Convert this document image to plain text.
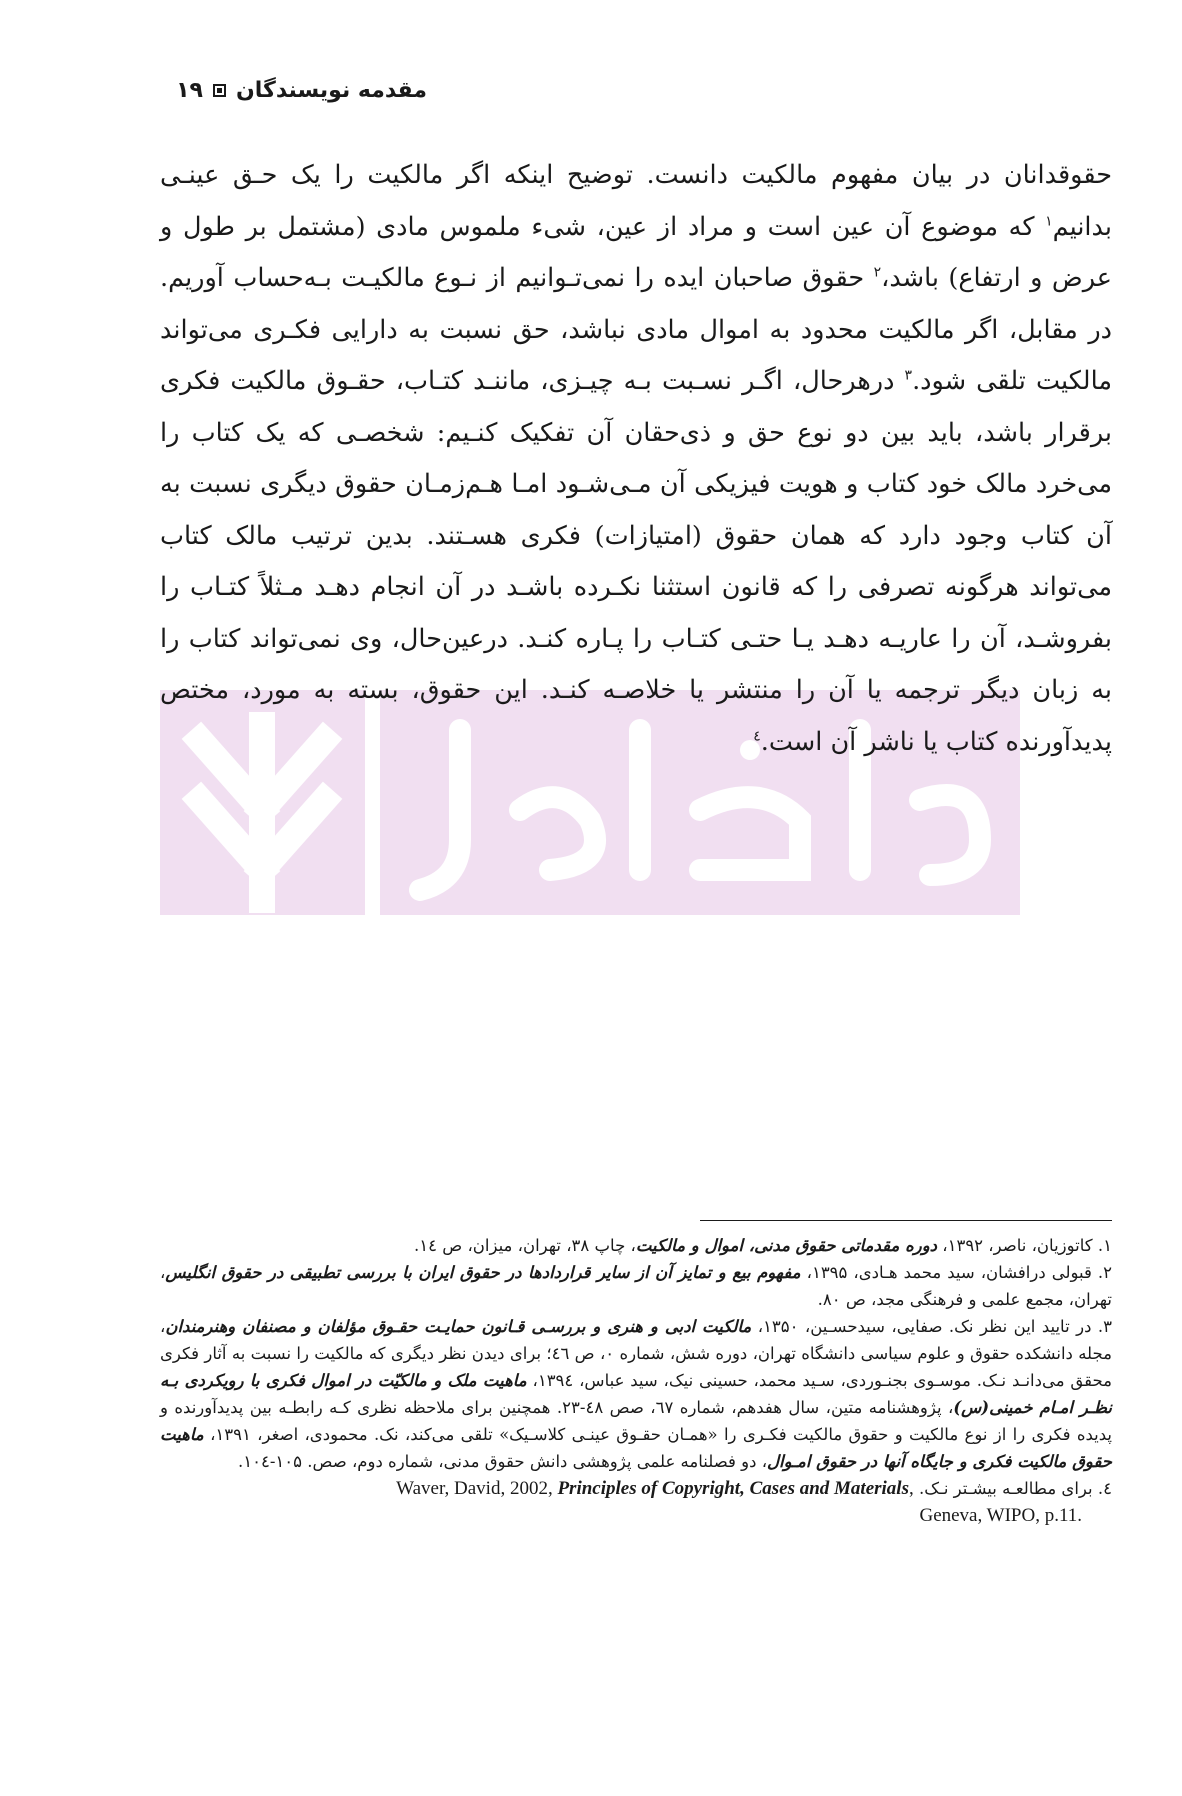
مقدمه نویسندگان
۱۹

حقوقدانان در بیان مفهوم مالکیت دانست. توضیح اینکه اگر مالکیت را یک حـق عینـی بدانیم$^۱$ که موضوع آن عین است و مراد از عین، شیء ملموس مادی (مشتمل بر طول و عرض و ارتفاع) باشد،$^۲$ حقوق صاحبان ایده را نمی‌تـوانیم از نـوع مالکیـت بـه‌حساب آوریم. در مقابل، اگر مالکیت محدود به اموال مادی نباشد، حق نسبت به دارایی فکـری می‌تواند مالکیت تلقی شود.$^۳$ درهرحال، اگـر نسـبت بـه چیـزی، ماننـد کتـاب، حقـوق مالکیت فکری برقرار باشد، باید بین دو نوع حق و ذی‌حقان آن تفکیک کنـیم: شخصـی که یک کتاب را می‌خرد مالک خود کتاب و هویت فیزیکی آن مـی‌شـود امـا هـم‌زمـان حقوق دیگری نسبت به آن کتاب وجود دارد که همان حقوق (امتیازات) فکری هسـتند. بدین ترتیب مالک کتاب می‌تواند هرگونه تصرفی را که قانون استثنا نکـرده باشـد در آن انجام دهـد مـثلاً کتـاب را بفروشـد، آن را عاریـه دهـد یـا حتـی کتـاب را پـاره کنـد. درعین‌حال، وی نمی‌تواند کتاب را به زبان دیگر ترجمه یا آن را منتشر یا خلاصـه کنـد. این حقوق، بسته به مورد، مختص پدیدآورنده کتاب یا ناشر آن است.$^٤$

۱. کاتوزیان، ناصر، ۱۳۹۲، دوره مقدماتی حقوق مدنی، اموال و مالکیت، چاپ ۳۸، تهران، میزان، ص ۱٤.

۲. قبولی درافشان، سید محمد هـادی، ۱۳۹۵، مفهوم بیع و تمایز آن از سایر قراردادها در حقوق ایران با بررسی تطبیقی در حقوق انگلیس، تهران، مجمع علمی و فرهنگی مجد، ص ۸۰.

۳. در تایید این نظر نک. صفایی، سیدحسـین، ۱۳۵۰، مالکیت ادبی و هنری و بررسـی قـانون حمایـت حقـوق مؤلفان و مصنفان وهنرمندان، مجله دانشکده حقوق و علوم سیاسی دانشگاه تهران، دوره شش، شماره ۰، ص ٤٦؛ برای دیدن نظر دیگری که مالکیت را نسبت به آثار فکری محقق می‌دانـد نـک. موسـوی بجنـوردی، سـید محمد، حسینی نیک، سید عباس، ۱۳۹٤، ماهیت ملک و مالکیّت در اموال فکری با رویکردی بـه نظـر امـام خمینی(س)، پژوهشنامه متین، سال هفدهم، شماره ٦٧، صص ٤٨-۲۳. همچنین برای ملاحظه نظری کـه رابطـه بین پدیدآورنده و پدیده فکری را از نوع مالکیت و حقوق مالکیت فکـری را «همـان حقـوق عینـی کلاسـیک» تلقی می‌کند، نک. محمودی، اصغر، ۱۳۹۱، ماهیت حقوق مالکیت فکری و جایگاه آنها در حقوق امـوال، دو فصلنامه علمی پژوهشی دانش حقوق مدنی، شماره دوم، صص. ۱۰۵-۱۰٤.

٤. برای مطالعـه بیشـتر نـک. Waver, David, 2002, Principles of Copyright, Cases and Materials,

Geneva, WIPO, p.11.
